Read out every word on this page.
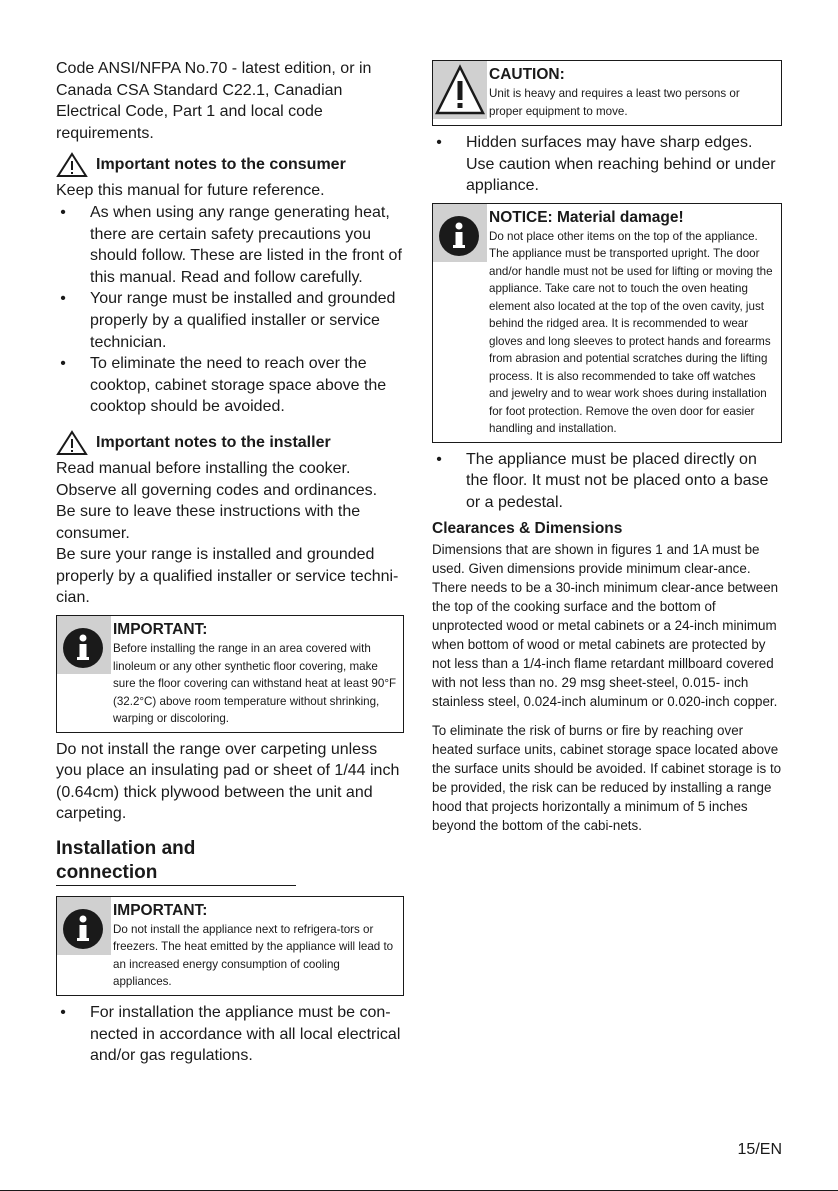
Code ANSI/NFPA No.70 - latest edition, or in Canada CSA Standard C22.1, Canadian Electrical Code, Part 1 and local code requirements.

Important notes to the consumer

Keep this manual for future reference.

• As when using any range generating heat, there are certain safety precautions you should follow. These are listed in the front of this manual. Read and follow carefully.
• Your range must be installed and grounded properly by a qualified installer or service technician.
• To eliminate the need to reach over the cooktop, cabinet storage space above the cooktop should be avoided.
Important notes to the installer

Read manual before installing the cooker.

Observe all governing codes and ordinances.

Be sure to leave these instructions with the consumer.

Be sure your range is installed and grounded properly by a qualified installer or service techni-cian.

IMPORTANT:
Before installing the range in an area covered with linoleum or any other synthetic floor covering, make sure the floor covering can withstand heat at least 90°F (32.2°C) above room temperature without shrinking, warping or discoloring.

Do not install the range over carpeting unless you place an insulating pad or sheet of 1/44 inch (0.64cm) thick plywood between the unit and carpeting.

Installation and connection
IMPORTANT:
Do not install the appliance next to refrigera-tors or freezers. The heat emitted by the appliance will lead to an increased energy consumption of cooling appliances.
• For installation the appliance must be con-nected in accordance with all local electrical and/or gas regulations.
CAUTION:
Unit is heavy and requires a least two persons or proper equipment to move.
• Hidden surfaces may have sharp edges. Use caution when reaching behind or under appliance.
NOTICE: Material damage!
Do not place other items on the top of the appliance. The appliance must be transported upright. The door and/or handle must not be used for lifting or moving the appliance. Take care not to touch the oven heating element also located at the top of the oven cavity, just behind the ridged area. It is recommended to wear gloves and long sleeves to protect hands and forearms from abrasion and potential scratches during the lifting process. It is also recommended to take off watches and jewelry and to wear work shoes during installation for foot protection. Remove the oven door for easier handling and installation.
• The appliance must be placed directly on the floor. It must not be placed onto a base or a pedestal.
Clearances & Dimensions

Dimensions that are shown in figures 1 and 1A must be used. Given dimensions provide minimum clear-ance. There needs to be a 30-inch minimum clear-ance between the top of the cooking surface and the bottom of unprotected wood or metal cabinets or a 24-inch minimum when bottom of wood or metal cabinets are protected by not less than a 1/4-inch flame retardant millboard covered with not less than no. 29 msg sheet-steel, 0.015- inch stainless steel, 0.024-inch aluminum or 0.020-inch copper.

To eliminate the risk of burns or fire by reaching over heated surface units, cabinet storage space located above the surface units should be avoided. If cabinet storage is to be provided, the risk can be reduced by installing a range hood that projects horizontally a minimum of 5 inches beyond the bottom of the cabi-nets.

15/EN
